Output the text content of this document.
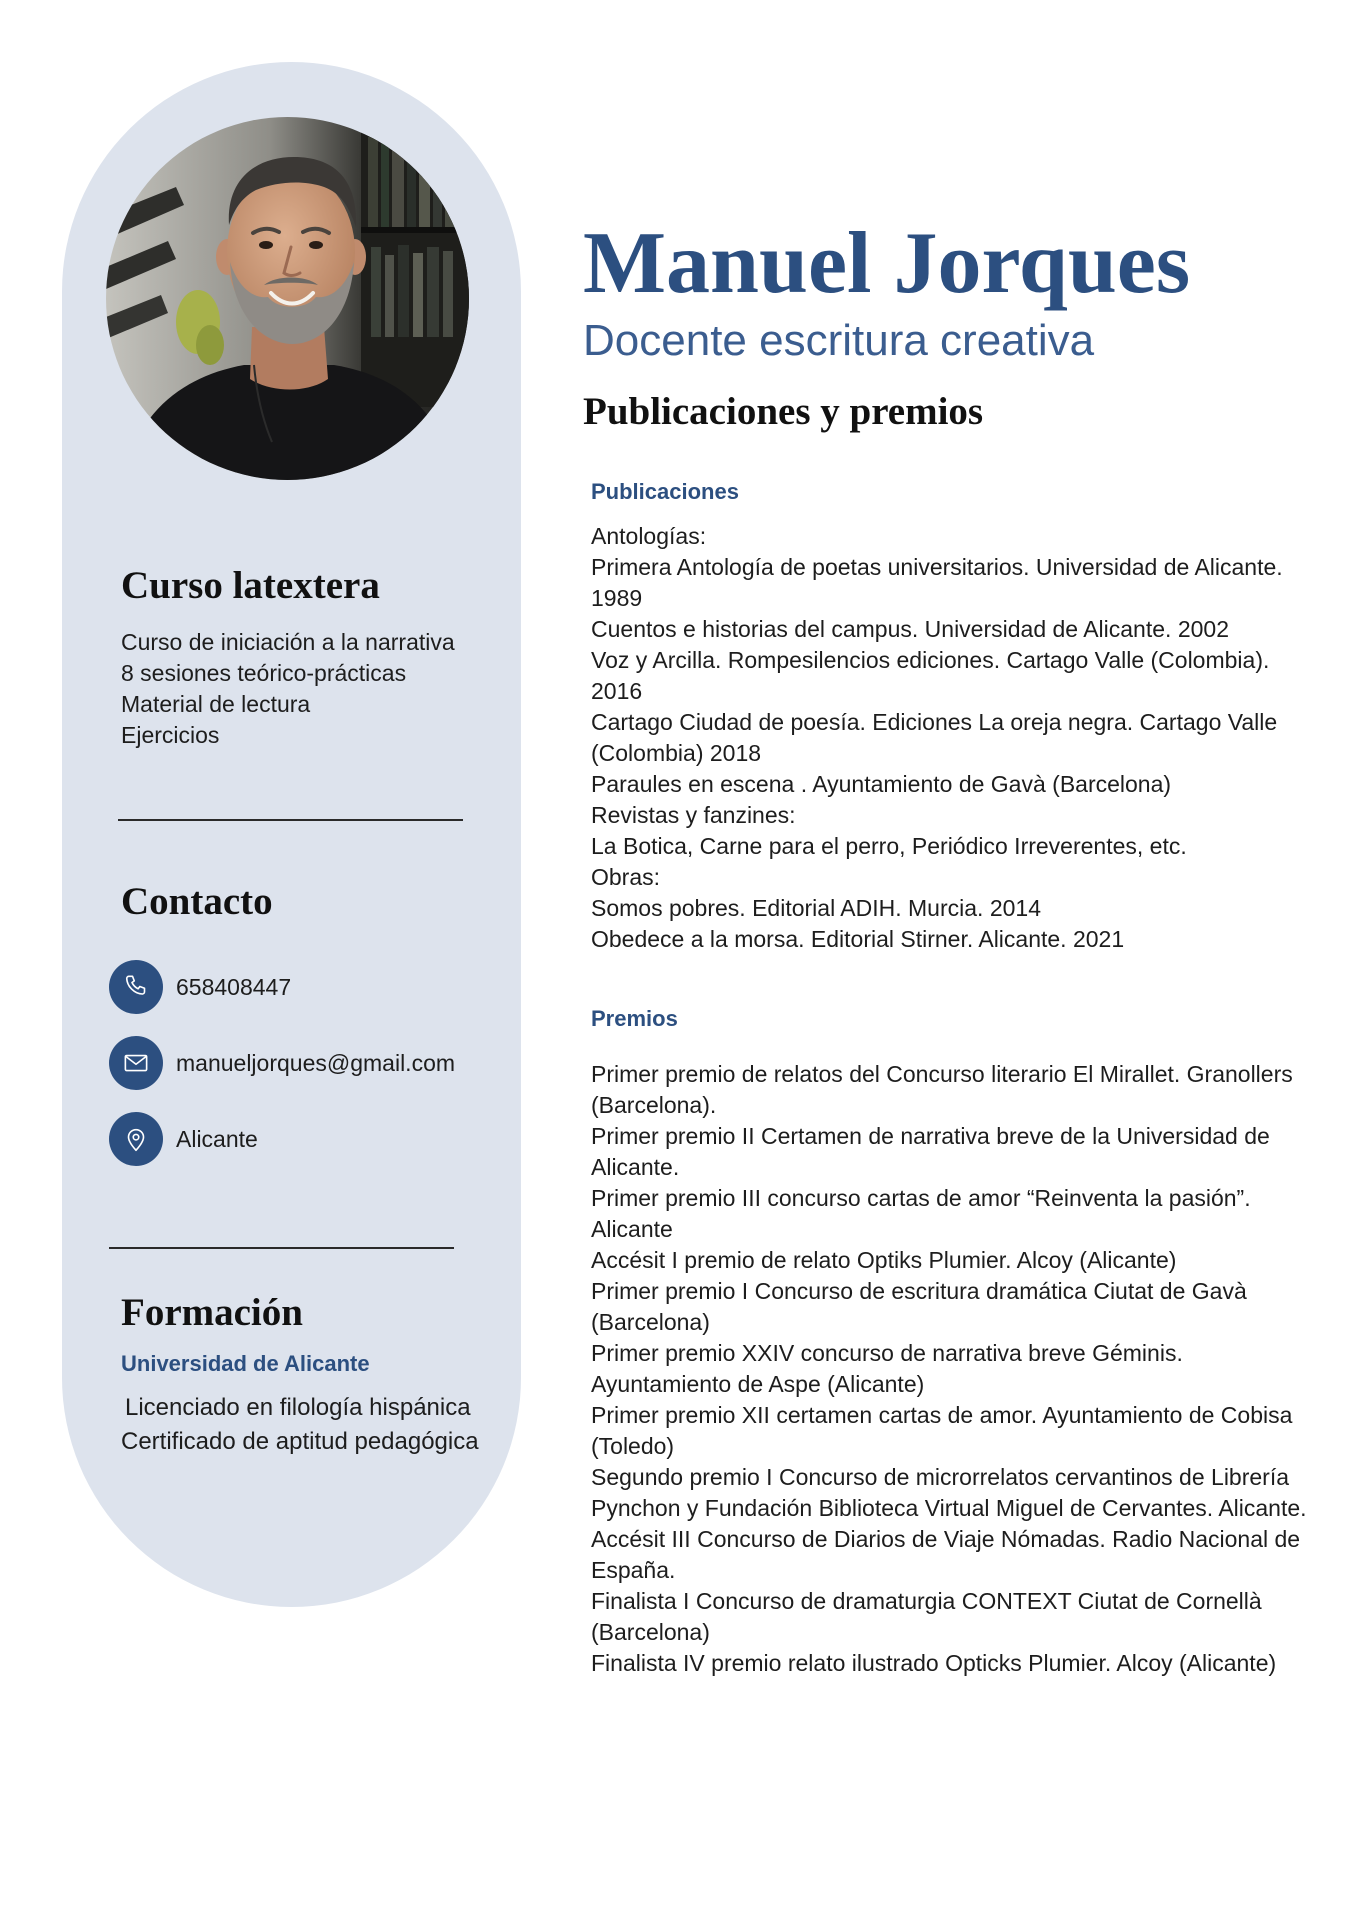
Curso latextera
Curso de iniciación a la narrativa
8 sesiones teórico-prácticas
Material de lectura
Ejercicios
Contacto
658408447
manueljorques@gmail.com
Alicante
Formación
Universidad de Alicante
Licenciado en filología hispánica
Certificado de aptitud pedagógica
Manuel Jorques
Docente escritura creativa
Publicaciones y premios
Publicaciones
Antologías:
Primera Antología de poetas universitarios. Universidad de Alicante.
1989
Cuentos e historias del campus. Universidad de Alicante. 2002
Voz y Arcilla. Rompesilencios ediciones. Cartago Valle (Colombia).
2016
Cartago Ciudad de poesía. Ediciones La oreja negra. Cartago Valle
(Colombia) 2018
Paraules en escena . Ayuntamiento de Gavà (Barcelona)
Revistas y fanzines:
La Botica, Carne para el perro, Periódico Irreverentes, etc.
Obras:
Somos pobres. Editorial ADIH. Murcia. 2014
Obedece a la morsa. Editorial Stirner. Alicante. 2021
Premios
Primer premio de relatos del Concurso literario El Mirallet. Granollers
(Barcelona).
Primer premio II Certamen de narrativa breve de la Universidad de
Alicante.
Primer premio III concurso cartas de amor “Reinventa la pasión”.
Alicante
Accésit I premio de relato Optiks Plumier. Alcoy (Alicante)
Primer premio I Concurso de escritura dramática Ciutat de Gavà
(Barcelona)
Primer premio XXIV concurso de narrativa breve Géminis.
Ayuntamiento de Aspe (Alicante)
Primer premio XII certamen cartas de amor. Ayuntamiento de Cobisa
(Toledo)
Segundo premio I Concurso de microrrelatos cervantinos de Librería
Pynchon y Fundación Biblioteca Virtual Miguel de Cervantes. Alicante.
Accésit III Concurso de Diarios de Viaje Nómadas. Radio Nacional de
España.
Finalista I Concurso de dramaturgia CONTEXT Ciutat de Cornellà
(Barcelona)
Finalista IV premio relato ilustrado Opticks Plumier. Alcoy (Alicante)
